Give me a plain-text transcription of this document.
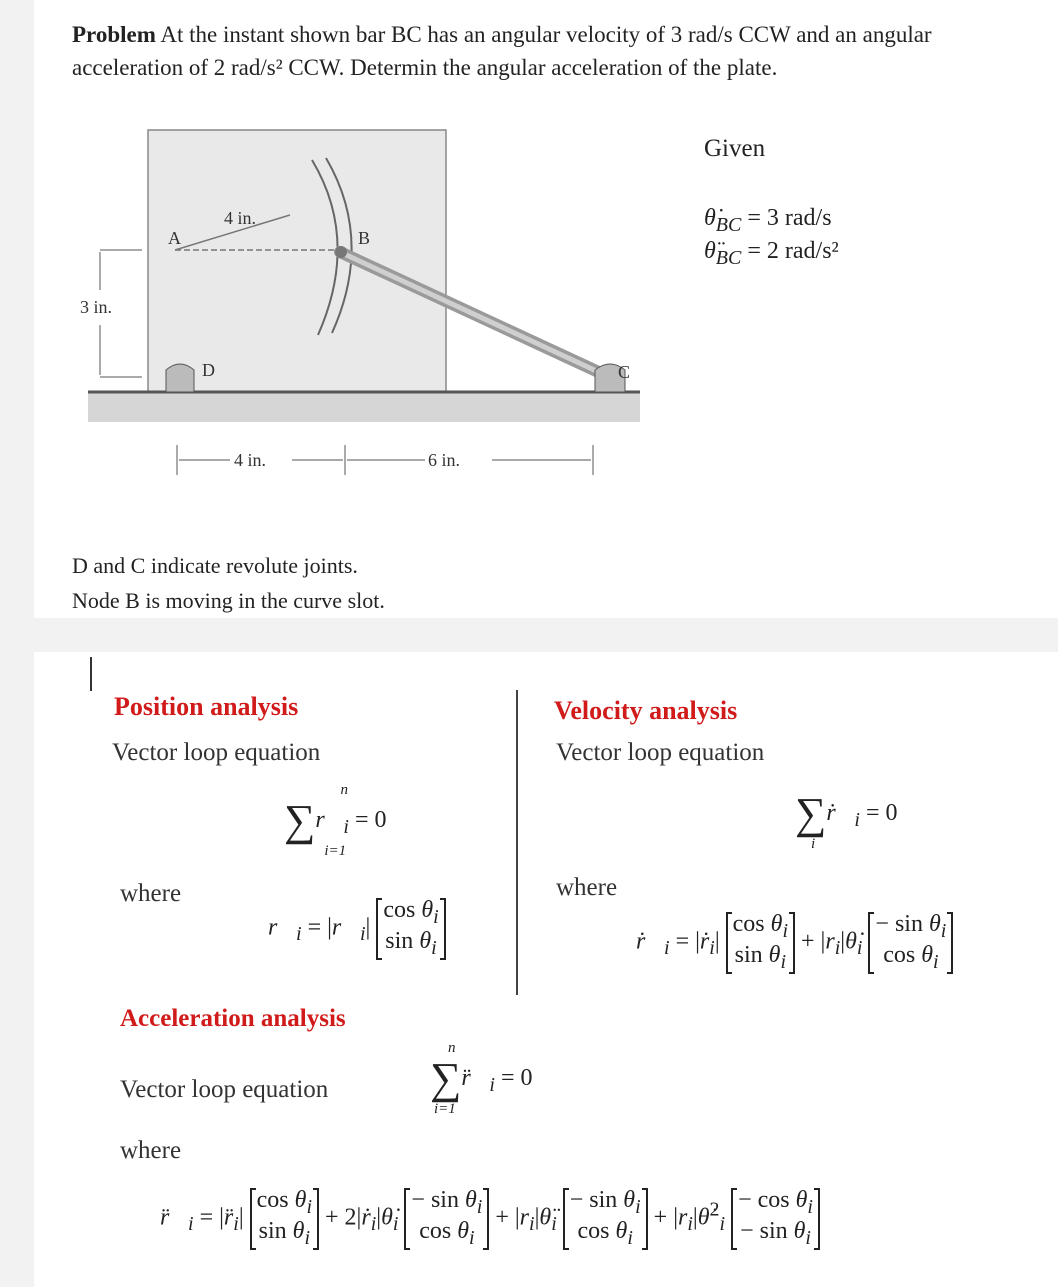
Problem At the instant shown bar BC has an angular velocity of 3 rad/s CCW and an angular acceleration of 2 rad/s² CCW. Determin the angular acceleration of the plate.
A
4 in.
B
C
D
3 in.
4 in.	6 in.
Given
$\thetȧ_{BC} = 3$ rad/s
$\thetä_{BC} = 2$ rad/s²
D and C indicate revolute joints.
Node B is moving in the curve slot.
Position analysis
Vector loop equation
n
$\sum r⃗_i = 0$
i=1
where
$r⃗_i$ = $|r⃗_i|$
$\cos \theta_i$
$\sin \theta_i$
Velocity analysis
Vector loop equation
$\sum ṙ⃗_i = 0$
i
where
$ṙ⃗_i$ = |ṙ$_i$|
$\cos \theta_i$
$\sin \theta_i$
+ $|r_i|\thetȧ_i$
− $\sin \theta_i$
$\cos \theta_i$
Acceleration analysis
Vector loop equation
n
$\sum r̈⃗_i = 0$
i=1
where
$r̈⃗_i$ = $|r̈_i|$
$\cos \theta_i$
$\sin \theta_i$
+ $2|ṙ_i|\thetȧ_i$
− $\sin \theta_i$
$\cos \theta_i$
+ $|r_i|\thetä_i$
− $\sin \theta_i$
$\cos \theta_i$
+ $|r_i|\thetȧ^2_i$
− $\cos \theta_i$
− $\sin \theta_i$
